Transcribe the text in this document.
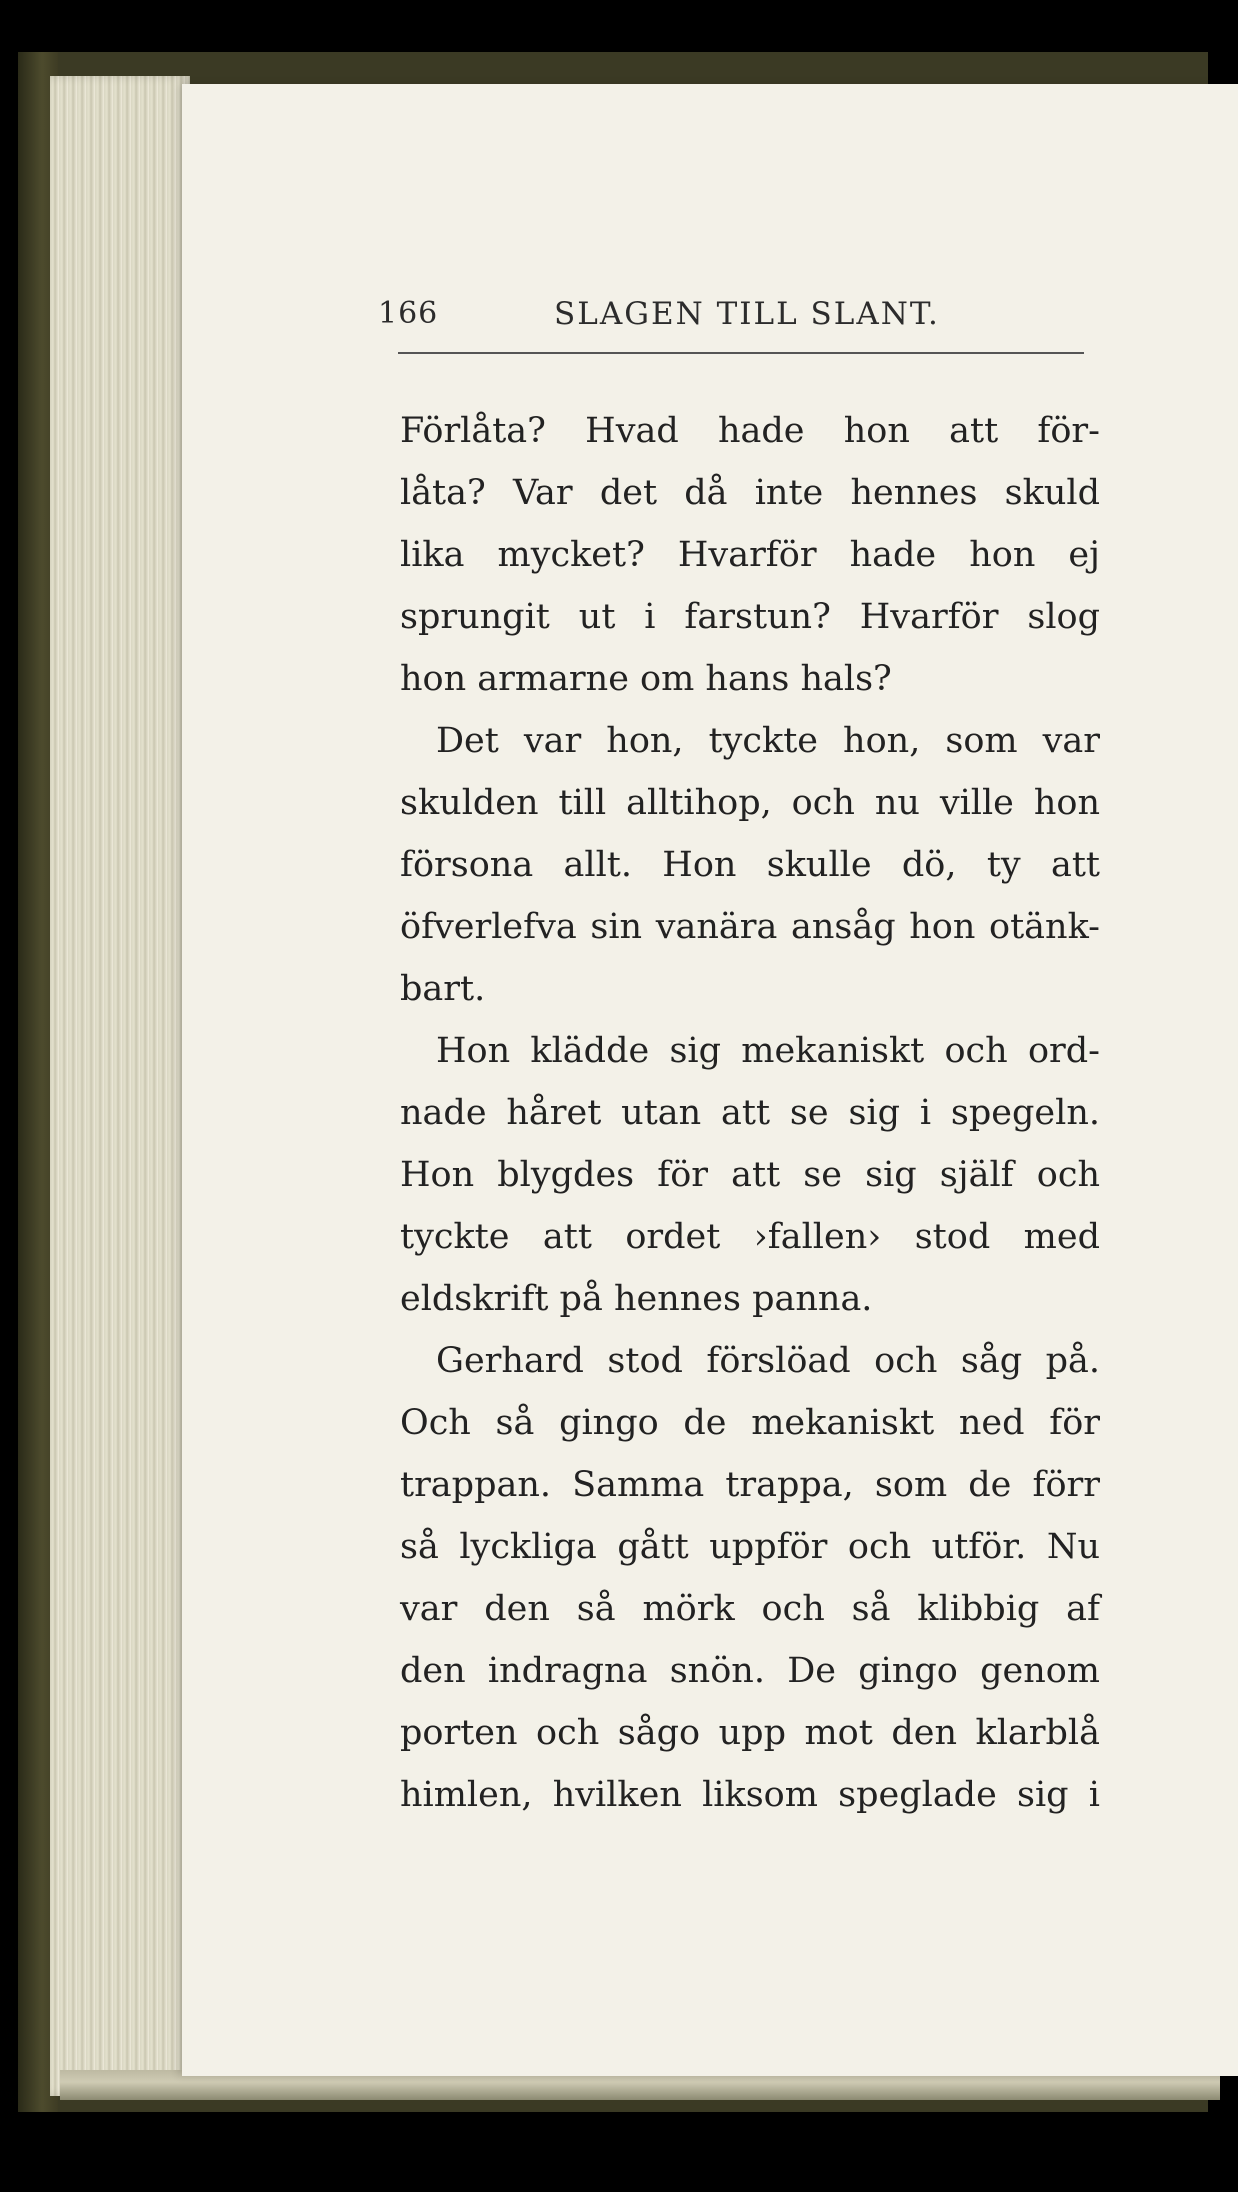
166	SLAGEN TILL SLANT.
Förlåta? Hvad hade hon att för-
låta? Var det då inte hennes skuld
lika mycket? Hvarför hade hon ej
sprungit ut i farstun? Hvarför slog
hon armarne om hans hals?
Det var hon, tyckte hon, som var
skulden till alltihop, och nu ville hon
försona allt. Hon skulle dö, ty att
öfverlefva sin vanära ansåg hon otänk-
bart.
Hon klädde sig mekaniskt och ord-
nade håret utan att se sig i spegeln.
Hon blygdes för att se sig själf och
tyckte att ordet ›fallen› stod med
eldskrift på hennes panna.
Gerhard stod förslöad och såg på.
Och så gingo de mekaniskt ned för
trappan. Samma trappa, som de förr
så lyckliga gått uppför och utför. Nu
var den så mörk och så klibbig af
den indragna snön. De gingo genom
porten och sågo upp mot den klarblå
himlen, hvilken liksom speglade sig i
